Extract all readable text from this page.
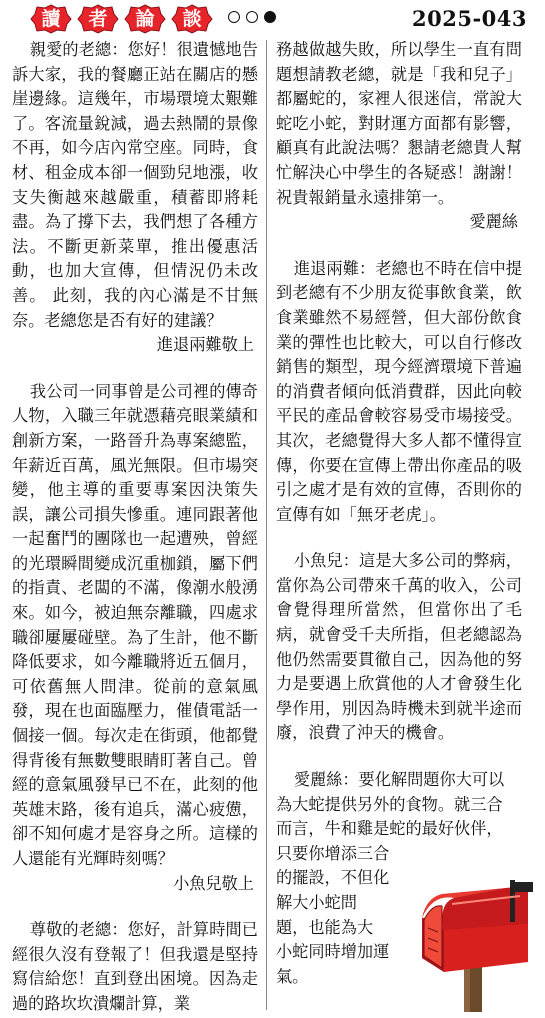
讀	者	論	談	2025-043

親愛的老總：您好！很遺憾地告訴大家，我的餐廳正站在關店的懸崖邊緣。這幾年，市場環境太艱難了。客流量銳減，過去熱鬧的景像不再，如今店內常空座。同時，食材、租金成本卻一個勁兒地漲，收支失衡越來越嚴重，積蓄即將耗盡。為了撐下去，我們想了各種方法。不斷更新菜單，推出優惠活動，也加大宣傳，但情況仍未改善。 此刻，我的內心滿是不甘無奈。老總您是否有好的建議？

進退兩難敬上

我公司一同事曾是公司裡的傳奇人物，入職三年就憑藉亮眼業績和創新方案，一路晉升為專案總監，年薪近百萬，風光無限。但市場突變，他主導的重要專案因決策失誤，讓公司損失慘重。連同跟著他一起奮鬥的團隊也一起遭殃，曾經的光環瞬間變成沉重枷鎖，屬下們的指責、老闆的不滿，像潮水般湧來。如今，被迫無奈離職，四處求職卻屢屢碰壁。為了生計，他不斷降低要求，如今離職將近五個月，可依舊無人問津。從前的意氣風發，現在也面臨壓力，催債電話一個接一個。每次走在街頭，他都覺得背後有無數雙眼睛盯著自己。曾經的意氣風發早已不在，此刻的他英雄末路，後有追兵，滿心疲憊，卻不知何處才是容身之所。這樣的人還能有光輝時刻嗎？

小魚兒敬上

尊敬的老總：您好，計算時間已經很久沒有登報了！但我還是堅持寫信給您！直到登出困境。因為走過的路坎坎潰爛計算，業

務越做越失敗，所以學生一直有問題想請教老總，就是「我和兒子」都屬蛇的，家裡人很迷信，常說大蛇吃小蛇，對財運方面都有影響，顧真有此說法嗎？懇請老總貴人幫忙解決心中學生的各疑惑！謝謝！祝貴報銷量永遠排第一。

愛麗絲

進退兩難：老總也不時在信中提到老總有不少朋友從事飲食業，飲食業雖然不易經營，但大部份飲食業的彈性也比較大，可以自行修改銷售的類型，現今經濟環境下普遍的消費者傾向低消費群，因此向較平民的產品會較容易受市場接受。其次，老總覺得大多人都不懂得宣傳，你要在宣傳上帶出你產品的吸引之處才是有效的宣傳，否則你的宣傳有如「無牙老虎」。

小魚兒：這是大多公司的弊病，當你為公司帶來千萬的收入，公司會覺得理所當然，但當你出了毛病，就會受千夫所指，但老總認為他仍然需要貫徹自己，因為他的努力是要遇上欣賞他的人才會發生化學作用，別因為時機未到就半途而廢，浪費了沖天的機會。

愛麗絲：要化解問題你大可以
為大蛇提供另外的食物。就三合
而言，牛和雞是蛇的最好伙伴，
只要你增添三合
的擺設，不但化
解大小蛇問
題，也能為大
小蛇同時增加運
氣。
